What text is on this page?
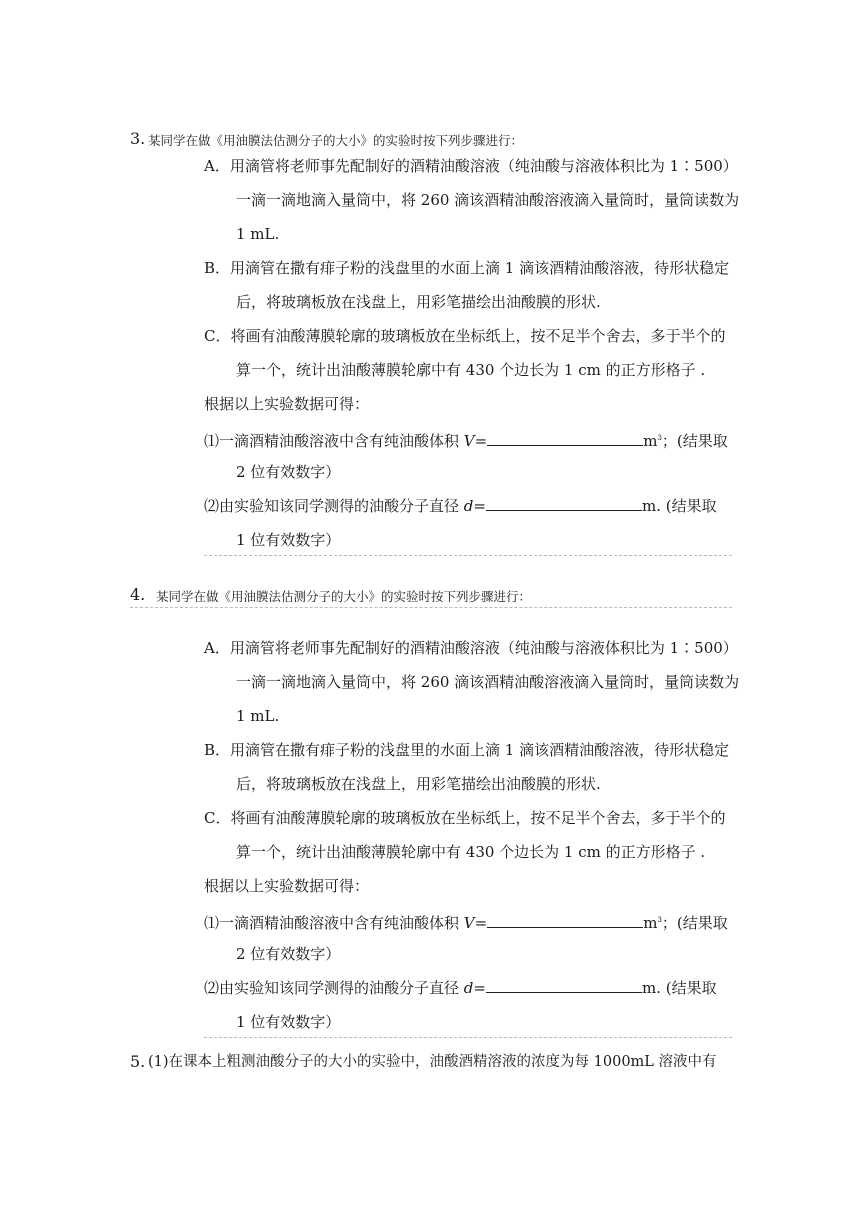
3. 某同学在做《用油膜法估测分子的大小》的实验时按下列步骤进行：
A．用滴管将老师事先配制好的酒精油酸溶液（纯油酸与溶液体积比为 1∶500）
一滴一滴地滴入量筒中，将 260 滴该酒精油酸溶液滴入量筒时，量筒读数为
1 mL.
B．用滴管在撒有痱子粉的浅盘里的水面上滴 1 滴该酒精油酸溶液，待形状稳定
后，将玻璃板放在浅盘上，用彩笔描绘出油酸膜的形状.
C．将画有油酸薄膜轮廓的玻璃板放在坐标纸上，按不足半个舍去，多于半个的
算一个，统计出油酸薄膜轮廓中有 430 个边长为 1 cm 的正方形格子 .
根据以上实验数据可得：
⑴一滴酒精油酸溶液中含有纯油酸体积 V=	$m^3$；(结果取
2 位有效数字）
⑵由实验知该同学测得的油酸分子直径 d=	m. (结果取
1 位有效数字）
4. 某同学在做《用油膜法估测分子的大小》的实验时按下列步骤进行：
A．用滴管将老师事先配制好的酒精油酸溶液（纯油酸与溶液体积比为 1∶500）
一滴一滴地滴入量筒中，将 260 滴该酒精油酸溶液滴入量筒时，量筒读数为
1 mL.
B．用滴管在撒有痱子粉的浅盘里的水面上滴 1 滴该酒精油酸溶液，待形状稳定
后，将玻璃板放在浅盘上，用彩笔描绘出油酸膜的形状.
C．将画有油酸薄膜轮廓的玻璃板放在坐标纸上，按不足半个舍去，多于半个的
算一个，统计出油酸薄膜轮廓中有 430 个边长为 1 cm 的正方形格子 .
根据以上实验数据可得：
⑴一滴酒精油酸溶液中含有纯油酸体积 V=	$m^3$；(结果取
2 位有效数字）
⑵由实验知该同学测得的油酸分子直径 d=	m. (结果取
1 位有效数字）
5. (1)在课本上粗测油酸分子的大小的实验中，油酸酒精溶液的浓度为每 1000mL 溶液中有
